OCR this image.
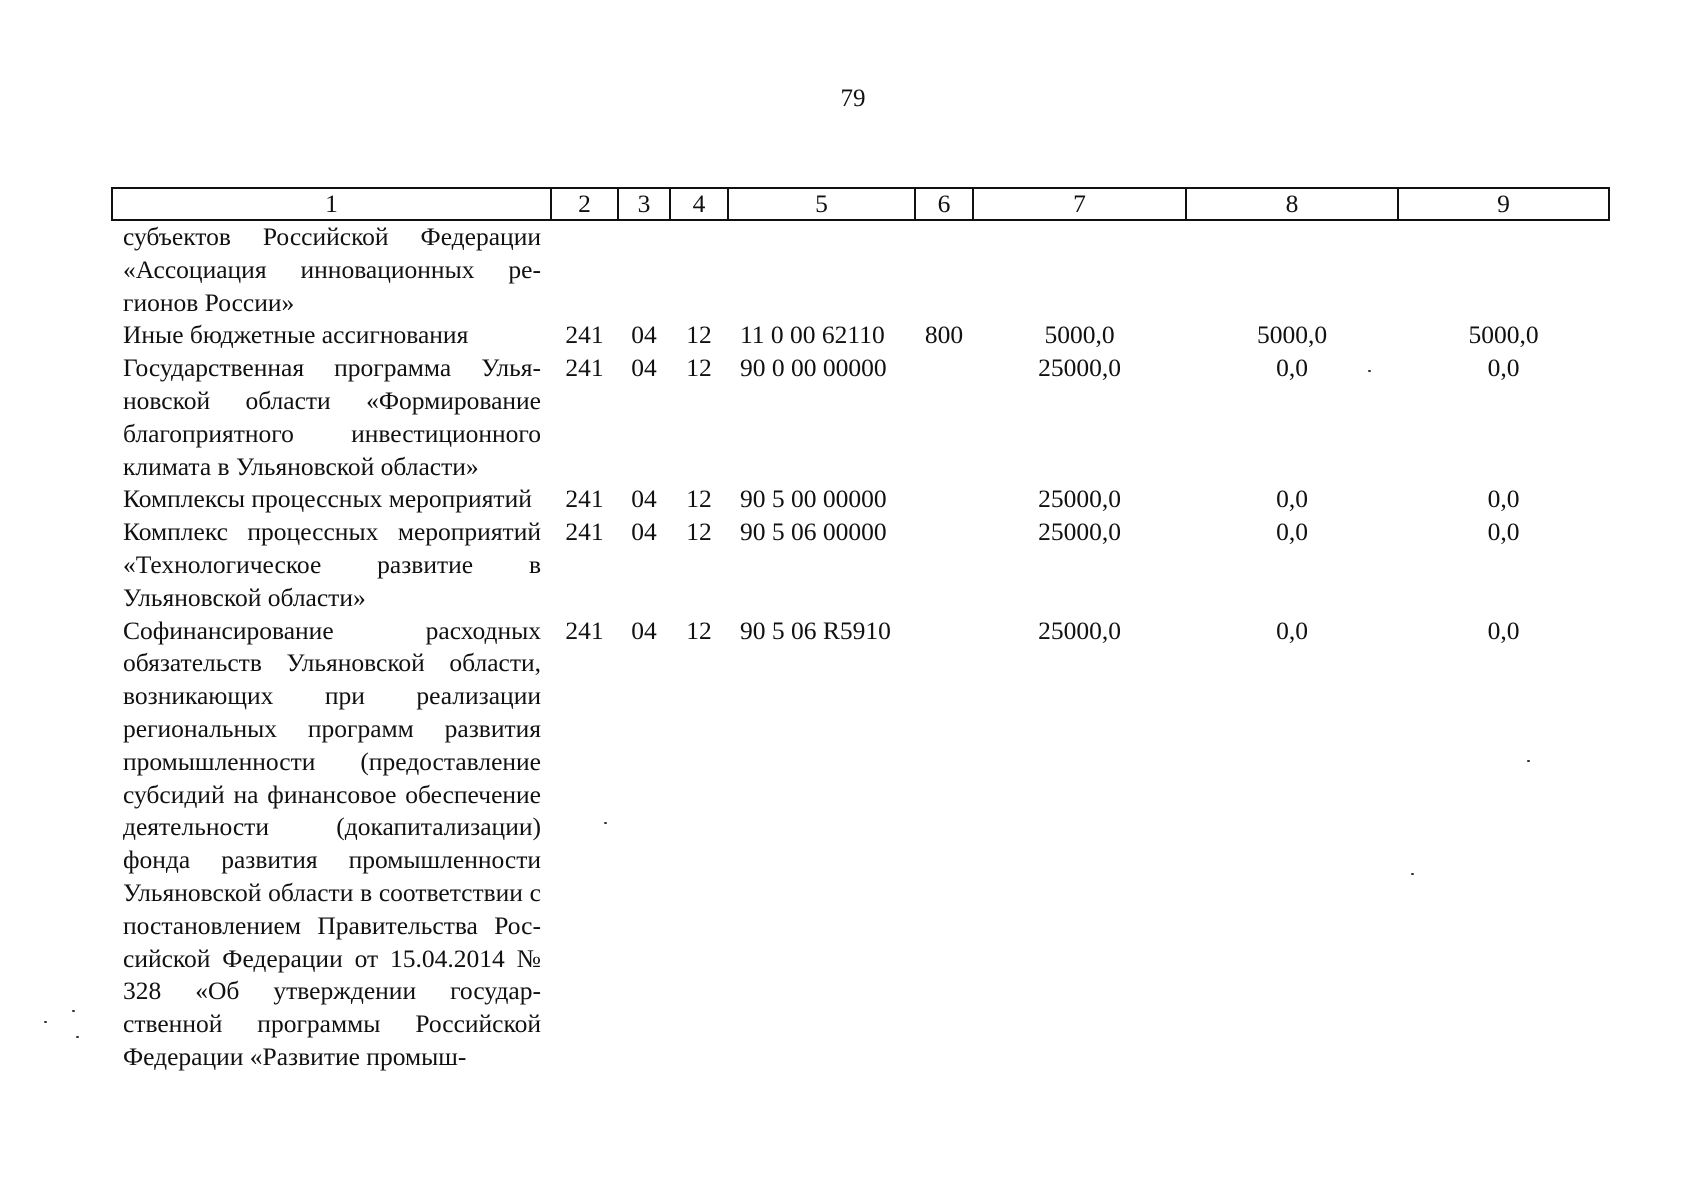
79
1	2	3	4	5	6	7	8	9
субъектов Российской Федерации «Ассоциация инновационных регионов России»								
Иные бюджетные ассигнования	241	04	12	11 0 00 62110	800	5000,0	5000,0	5000,0
Государственная программа Ульяновской области «Формирование благоприятного инвестиционного климата в Ульяновской области»	241	04	12	90 0 00 00000		25000,0	0,0	0,0
Комплексы процессных мероприятий	241	04	12	90 5 00 00000		25000,0	0,0	0,0
Комплекс процессных мероприятий «Технологическое развитие в Ульяновской области»	241	04	12	90 5 06 00000		25000,0	0,0	0,0
Софинансирование расходных обязательств Ульяновской области, возникающих при реализации региональных программ развития промышленности (предоставление субсидий на финансовое обеспечение деятельности (докапитализации) фонда развития промышленности Ульяновской области в соответствии с постановлением Правительства Российской Федерации от 15.04.2014 № 328 «Об утверждении государственной программы Российской Федерации «Развитие промыш-	241	04	12	90 5 06 R5910		25000,0	0,0	0,0
